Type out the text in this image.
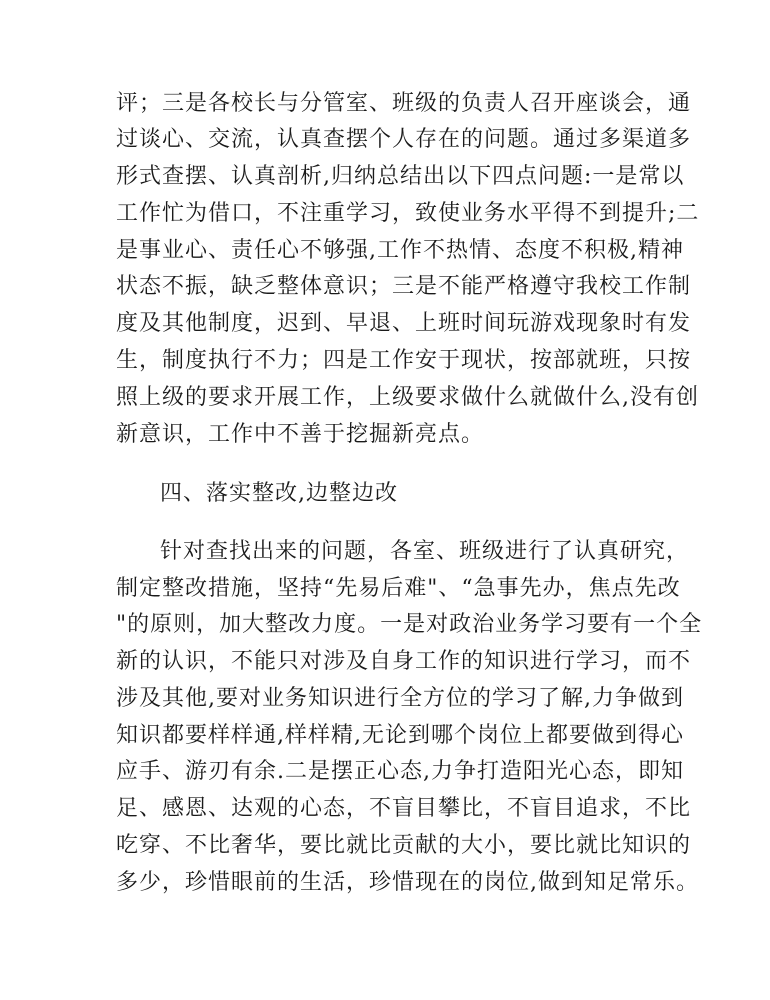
评；三是各校长与分管室、班级的负责人召开座谈会，通
过谈心、交流，认真查摆个人存在的问题。通过多渠道多
形式查摆、认真剖析,归纳总结出以下四点问题:一是常以
工作忙为借口，不注重学习，致使业务水平得不到提升;二
是事业心、责任心不够强,工作不热情、态度不积极,精神
状态不振，缺乏整体意识；三是不能严格遵守我校工作制
度及其他制度，迟到、早退、上班时间玩游戏现象时有发
生，制度执行不力；四是工作安于现状，按部就班，只按
照上级的要求开展工作，上级要求做什么就做什么,没有创
新意识，工作中不善于挖掘新亮点。
四、落实整改,边整边改
针对查找出来的问题，各室、班级进行了认真研究，
制定整改措施，坚持“先易后难"、“急事先办，焦点先改
"的原则，加大整改力度。一是对政治业务学习要有一个全
新的认识，不能只对涉及自身工作的知识进行学习，而不
涉及其他,要对业务知识进行全方位的学习了解,力争做到
知识都要样样通,样样精,无论到哪个岗位上都要做到得心
应手、游刃有余.二是摆正心态,力争打造阳光心态，即知
足、感恩、达观的心态，不盲目攀比，不盲目追求，不比
吃穿、不比奢华，要比就比贡献的大小，要比就比知识的
多少，珍惜眼前的生活，珍惜现在的岗位,做到知足常乐。
